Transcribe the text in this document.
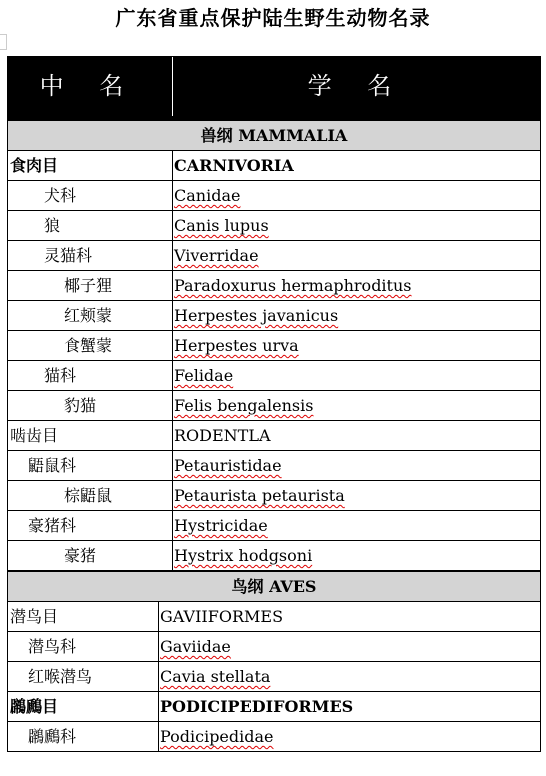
广东省重点保护陆生野生动物名录
中 名	学 名
兽纲 MAMMALIA
食肉目	CARNIVORIA
犬科	Canidae
狼	Canis lupus
灵猫科	Viverridae
椰子狸	Paradoxurus hermaphroditus
红颊蒙	Herpestes javanicus
食蟹蒙	Herpestes urva
猫科	Felidae
豹猫	Felis bengalensis
啮齿目	RODENTLA
鼯鼠科	Petauristidae
棕鼯鼠	Petaurista petaurista
豪猪科	Hystricidae
豪猪	Hystrix hodgsoni
鸟纲 AVES
潜鸟目	GAVIIFORMES
潜鸟科	Gaviidae
红喉潜鸟	Cavia stellata
鸊鷉目	PODICIPEDIFORMES
鸊鷉科	Podicipedidae
